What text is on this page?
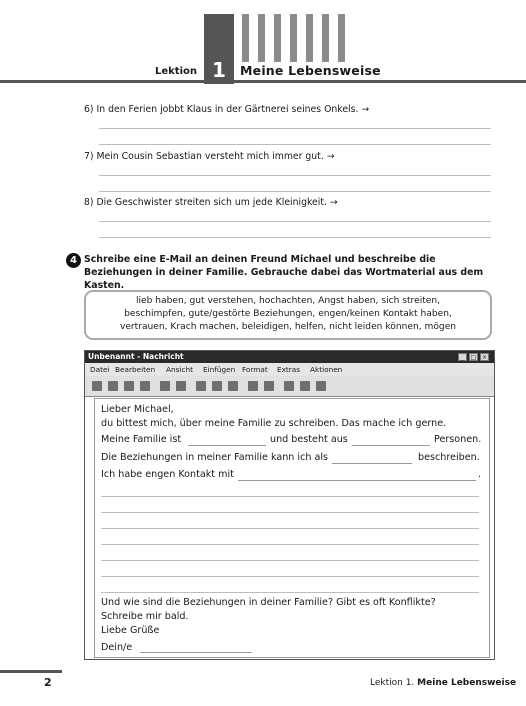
Lektion 1	Meine Lebensweise
6) In den Ferien jobbt Klaus in der Gärtnerei seines Onkels. →
7) Mein Cousin Sebastian versteht mich immer gut. →
8) Die Geschwister streiten sich um jede Kleinigkeit. →
4 Schreibe eine E-Mail an deinen Freund Michael und beschreibe die Beziehungen in deiner Familie. Gebrauche dabei das Wortmaterial aus dem Kasten.
lieb haben, gut verstehen, hochachten, Angst haben, sich streiten,
beschimpfen, gute/gestörte Beziehungen, engen/keinen Kontakt haben,
vertrauen, Krach machen, beleidigen, helfen, nicht leiden können, mögen
Unbenannt - Nachricht	_	□ ×
Datei Bearbeiten Ansicht Einfügen Format Extras Aktionen
Lieber Michael,
du bittest mich, über meine Familie zu schreiben. Das mache ich gerne.
Meine Familie ist	und besteht aus	Personen.
Die Beziehungen in meiner Familie kann ich als	beschreiben.
Ich habe engen Kontakt mit	.
Und wie sind die Beziehungen in deiner Familie? Gibt es oft Konflikte?
Schreibe mir bald.
Liebe Grüße
Dein/e
2	Lektion 1. Meine Lebensweise
